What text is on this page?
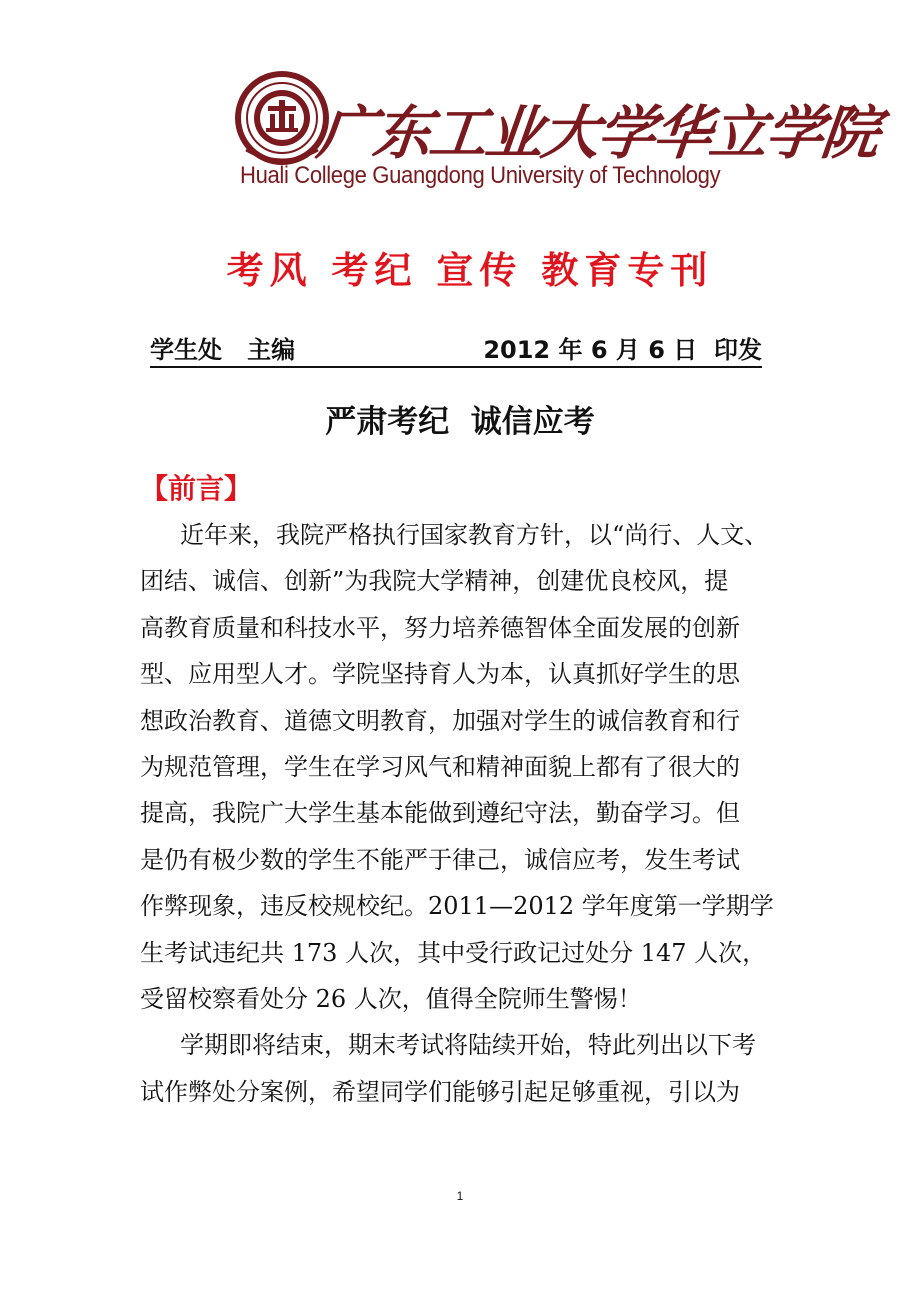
广东工业大学华立学院
Huali College Guangdong University of Technology
考风 考纪 宣传 教育专刊
学生处   主编	2012 年 6 月 6 日  印发
严肃考纪  诚信应考
【前言】
近年来，我院严格执行国家教育方针，以“尚行、人文、
团结、诚信、创新”为我院大学精神，创建优良校风，提
高教育质量和科技水平，努力培养德智体全面发展的创新
型、应用型人才。学院坚持育人为本，认真抓好学生的思
想政治教育、道德文明教育，加强对学生的诚信教育和行
为规范管理，学生在学习风气和精神面貌上都有了很大的
提高，我院广大学生基本能做到遵纪守法，勤奋学习。但
是仍有极少数的学生不能严于律己，诚信应考，发生考试
作弊现象，违反校规校纪。2011—2012 学年度第一学期学
生考试违纪共 173 人次，其中受行政记过处分 147 人次，
受留校察看处分 26 人次，值得全院师生警惕！
学期即将结束，期末考试将陆续开始，特此列出以下考
试作弊处分案例，希望同学们能够引起足够重视，引以为
1
